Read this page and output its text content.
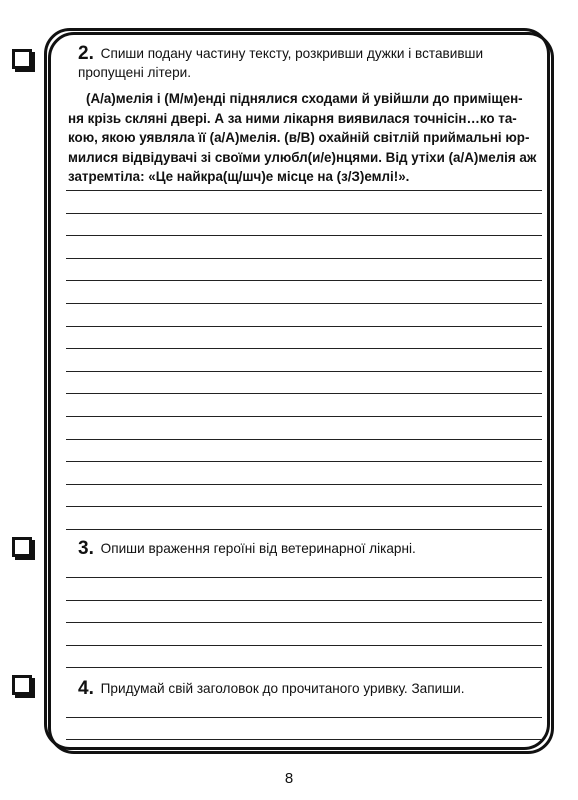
2. Спиши подану частину тексту, розкривши дужки і вставивши пропущені літери.
(А/а)мелія і (М/м)енді піднялися сходами й увійшли до приміщен-
ня крізь скляні двері. А за ними лікарня виявилася точнісін…ко та-
кою, якою уявляла її (а/А)мелія. (в/В) охайній світлій приймальні юр-
милися відвідувачі зі своїми улюбл(и/е)нцями. Від утіхи (а/А)мелія аж
затремтіла: «Це найкра(щ/шч)е місце на (з/З)емлі!».
3. Опиши враження героїні від ветеринарної лікарні.
4. Придумай свій заголовок до прочитаного уривку. Запиши.
8
